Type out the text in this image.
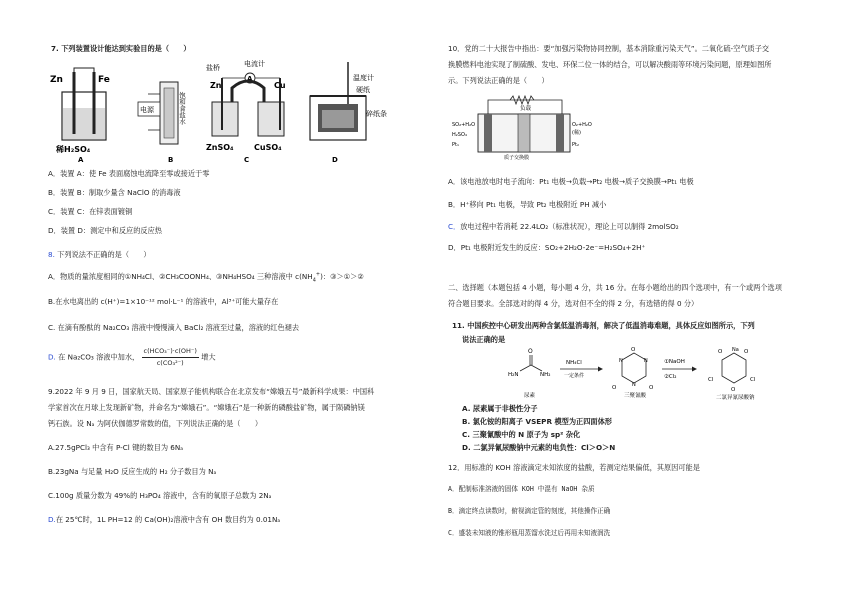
7. 下列装置设计能达到实验目的是（　　）
Zn	Fe
稀H₂SO₄
A
电源	饱和食盐水
B
盐桥	电流计
A
Zn	Cu
ZnSO₄	CuSO₄
C
温度计
硬纸
碎纸条
D
A．装置 A：使 Fe 表面腐蚀电流降至零或接近于零
B．装置 B：制取少量含 NaClO 的消毒液
C．装置 C：在锌表面镀铜
D．装置 D：测定中和反应的反应热
8. 下列说法不正确的是（　　）
A．物质的量浓度相同的①NH₄Cl、②CH₃COONH₄、③NH₄HSO₄ 三种溶液中 $c(NH_4^+)$：③＞①＞②
B.在水电离出的 c(H⁺)=1×10⁻¹² mol·L⁻¹ 的溶液中，Al³⁺可能大量存在
C. 在滴有酚酞的 Na₂CO₃ 溶液中慢慢滴入 BaCl₂ 溶液至过量，溶液的红色褪去
D. 在 Na₂CO₃ 溶液中加水， $\frac{\text{c(HCO₃⁻)·c(OH⁻)}}{\text{c(CO₃²⁻)}}$ 增大
9.2022 年 9 月 9 日，国家航天局、国家原子能机构联合在北京发布“嫦娥五号”最新科学成果：中国科
学家首次在月球上发现新矿物，并命名为“嫦娥石”。“嫦娥石”是一种新的磷酸盐矿物，属于陨磷钠镁
钙石族。设 Nₐ 为阿伏伽德罗常数的值，下列说法正确的是（　　）
A.27.5gPCl₃ 中含有 P-Cl 键的数目为 6Nₐ
B.23gNa 与足量 H₂O 反应生成的 H₂ 分子数目为 Nₐ
C.100g 质量分数为 49%的 H₃PO₄ 溶液中，含有的氧原子总数为 2Nₐ
D.在 25℃时，1L PH=12 的 Ca(OH)₂溶液中含有 OH 数目约为 0.01Nₐ
10．党的二十大报告中指出：要“加强污染物协同控制，基本消除重污染天气”。二氧化硫-空气质子交
换膜燃料电池实现了制硫酸、发电、环保二位一体的结合，可以解决酸雨等环境污染问题，原理如图所
示。下列说法正确的是（　　）
负载
SO₂+H₂O
H₂SO₄
Pt₁
O₂+H₂O
(稀)
Pt₂
质子交换膜
A．该电池放电时电子流向：Pt₁ 电极→负载→Pt₂ 电极→质子交换膜→Pt₁ 电极
B．H⁺移向 Pt₁ 电极，导致 Pt₂ 电极附近 PH 减小
C．放电过程中若消耗 22.4LO₂（标准状况），理论上可以制得 2molSO₂
D．Pt₁ 电极附近发生的反应：SO₂+2H₂O-2e⁻=H₂SO₄+2H⁺
二、选择题（本题包括 4 小题，每小题 4 分，共 16 分。在每小题给出的四个选项中，有一个或两个选项
符合题目要求。全部选对的得 4 分，选对但不全的得 2 分，有选错的得 0 分）
11. 中国疾控中心研发出两种含氯低温消毒剂，解决了低温消毒难题，具体反应如图所示，下列
说法正确的是
O
H₂N	NH₂
尿素
NH₄Cl
一定条件
O
O	O
N	N
N
三聚氰酸
①NaOH
②Cl₂
O	O
O
Na
Cl	Cl
二氯异氰尿酸钠
A. 尿素属于非极性分子
B. 氯化铵的阳离子 VSEPR 模型为正四面体形
C. 三聚氰酸中的 N 原子为 sp² 杂化
D. 二氯异氰尿酸钠中元素的电负性：Cl＞O＞N
12．用标准的 KOH 溶液滴定未知浓度的盐酸，若测定结果偏低，其原因可能是
A．配制标准溶液的固体 KOH 中混有 NaOH 杂质
B．滴定终点读数时，俯视滴定管的刻度，其他操作正确
C．盛装未知液的锥形瓶用蒸馏水洗过后再用未知液润洗
